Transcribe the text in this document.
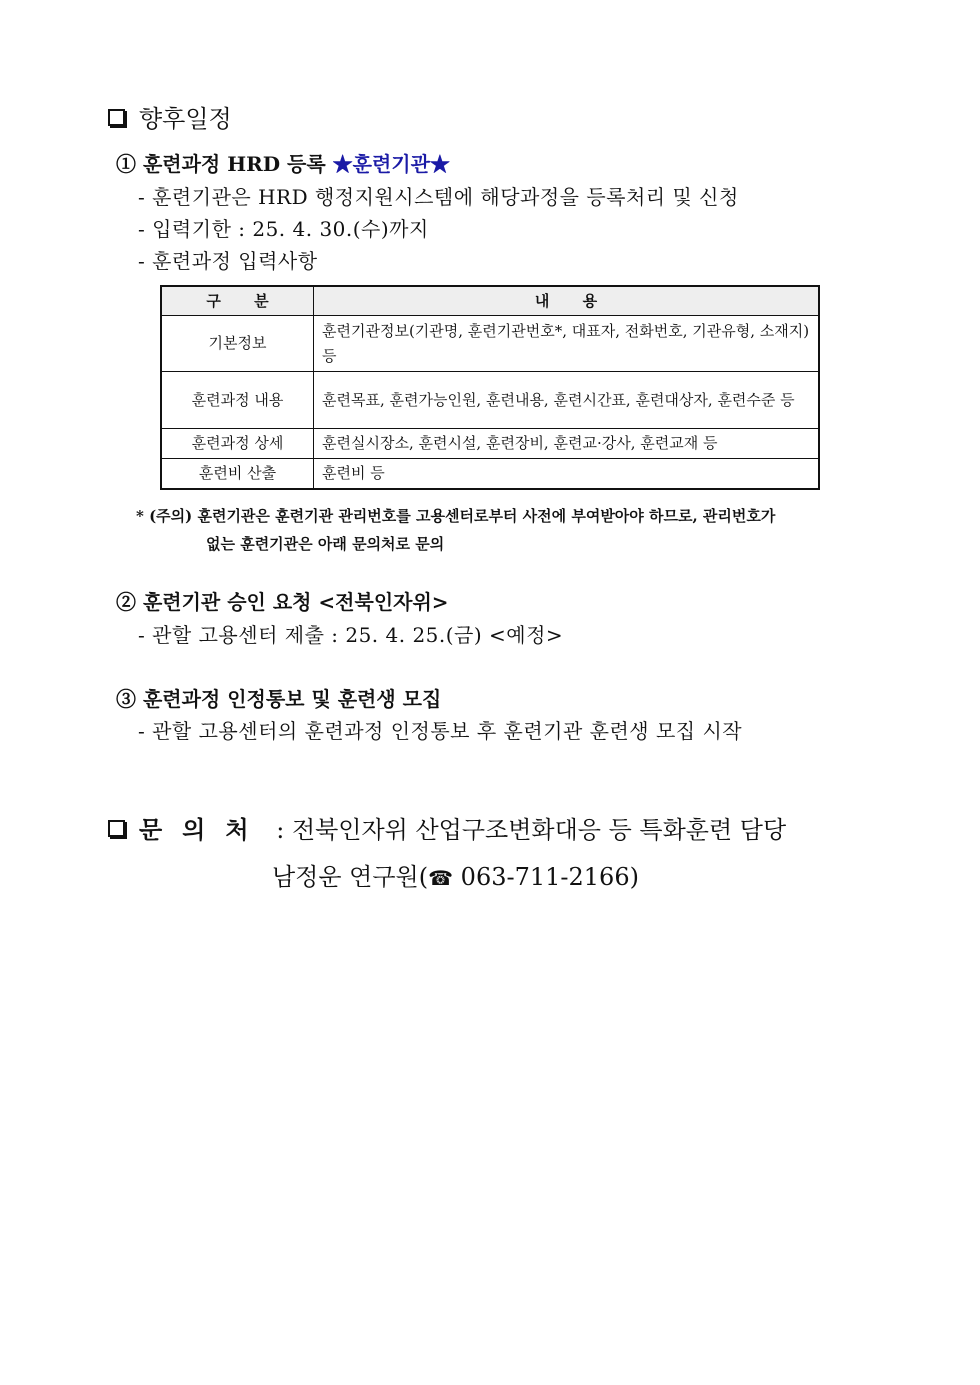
향후일정
① 훈련과정 HRD 등록 ★훈련기관★
- 훈련기관은 HRD 행정지원시스템에 해당과정을 등록처리 및 신청
- 입력기한 : 25. 4. 30.(수)까지
- 훈련과정 입력사항
구 분	내 용
기본정보	훈련기관정보(기관명, 훈련기관번호*, 대표자, 전화번호, 기관유형, 소재지) 등
훈련과정 내용	훈련목표, 훈련가능인원, 훈련내용, 훈련시간표, 훈련대상자, 훈련수준 등
훈련과정 상세	훈련실시장소, 훈련시설, 훈련장비, 훈련교·강사, 훈련교재 등
훈련비 산출	훈련비 등
* (주의) 훈련기관은 훈련기관 관리번호를 고용센터로부터 사전에 부여받아야 하므로, 관리번호가
없는 훈련기관은 아래 문의처로 문의
② 훈련기관 승인 요청 <전북인자위>
- 관할 고용센터 제출 : 25. 4. 25.(금) <예정>
③ 훈련과정 인정통보 및 훈련생 모집
- 관할 고용센터의 훈련과정 인정통보 후 훈련기관 훈련생 모집 시작
문의처 : 전북인자위 산업구조변화대응 등 특화훈련 담당
남정운 연구원(☎ 063-711-2166)
